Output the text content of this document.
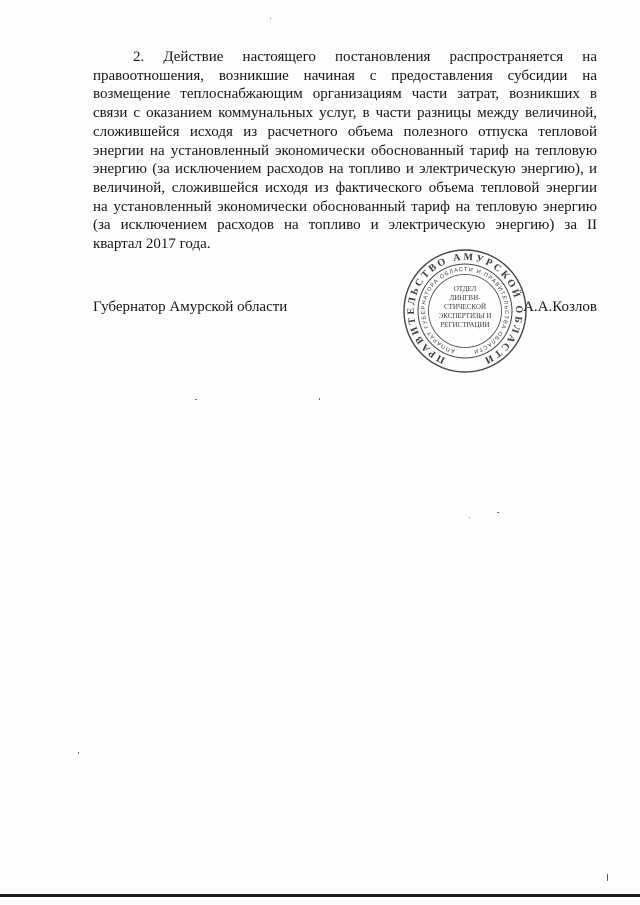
2. Действие настоящего постановления распространяется на
правоотношения, возникшие начиная с предоставления субсидии на
возмещение теплоснабжающим организациям части затрат, возникших в
связи с оказанием коммунальных услуг, в части разницы между величиной,
сложившейся исходя из расчетного объема полезного отпуска тепловой
энергии на установленный экономически обоснованный тариф на тепловую
энергию (за исключением расходов на топливо и электрическую энергию), и
величиной, сложившейся исходя из фактического объема тепловой энергии
на установленный экономически обоснованный тариф на тепловую энергию
(за исключением расходов на топливо и электрическую энергию) за II
квартал 2017 года.
Губернатор Амурской области	А.А.Козлов
ПРАВИТЕЛЬСТВО АМУРСКОЙ ОБЛАСТИ
АППАРАТ ГУБЕРНАТОРА ОБЛАСТИ И ПРАВИТЕЛЬСТВА ОБЛАСТИ
ОТДЕЛ
ЛИНГВИ-
СТИЧЕСКОЙ
ЭКСПЕРТИЗЫ И
РЕГИСТРАЦИИ
